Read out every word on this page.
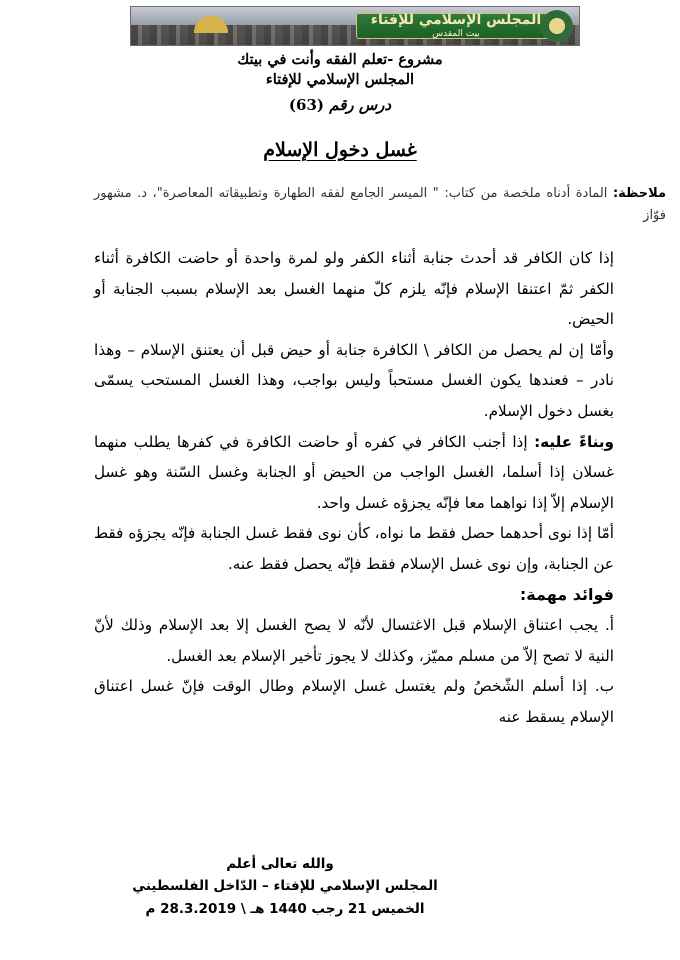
المجلس الإسلامي للإفتاء
بيت المقدس
مشروع -تعلم الفقه وأنت في بيتك
المجلس الإسلامي للإفتاء
درس رقم (63)
غسل دخول الإسلام
ملاحظة: المادة أدناه ملخصة من كتاب: " الميسر الجامع لفقه الطهارة وتطبيقاته المعاصرة"، د. مشهور فوّاز

إذا كان الكافر قد أحدث جنابة أثناء الكفر ولو لمرة واحدة أو حاضت الكافرة أثناء الكفر ثمّ اعتنقا الإسلام فإنّه يلزم كلّ منهما الغسل بعد الإسلام بسبب الجنابة أو الحيض.

وأمّا إن لم يحصل من الكافر \ الكافرة جنابة أو حيض قبل أن يعتنق الإسلام – وهذا نادر – فعندها يكون الغسل مستحباً وليس بواجب، وهذا الغسل المستحب يسمّى بغسل دخول الإسلام.

وبناءً عليه: إذا أجنب الكافر في كفره أو حاضت الكافرة في كفرها يطلب منهما غسلان إذا أسلما، الغسل الواجب من الحيض أو الجنابة وغسل السّنة وهو غسل الإسلام إلاّ إذا نواهما معا فإنّه يجزؤه غسل واحد.

أمّا إذا نوى أحدهما حصل فقط ما نواه، كأن نوى فقط غسل الجنابة فإنّه يجزؤه فقط عن الجنابة، وإن نوى غسل الإسلام فقط فإنّه يحصل فقط عنه.

فوائد مهمة:

أ. يجب اعتناق الإسلام قبل الاغتسال لأنّه لا يصح الغسل إلا بعد الإسلام وذلك لأنّ النية لا تصح إلاّ من مسلم مميّز، وكذلك لا يجوز تأخير الإسلام بعد الغسل.

ب. إذا أسلم الشّخصُ ولم يغتسل غسل الإسلام وطال الوقت فإنّ غسل اعتناق الإسلام يسقط عنه

والله تعالى أعلم
المجلس الإسلامي للإفتاء – الدّاخل الفلسطيني
الخميس 21 رجب 1440 هـ \ 28.3.2019 م
